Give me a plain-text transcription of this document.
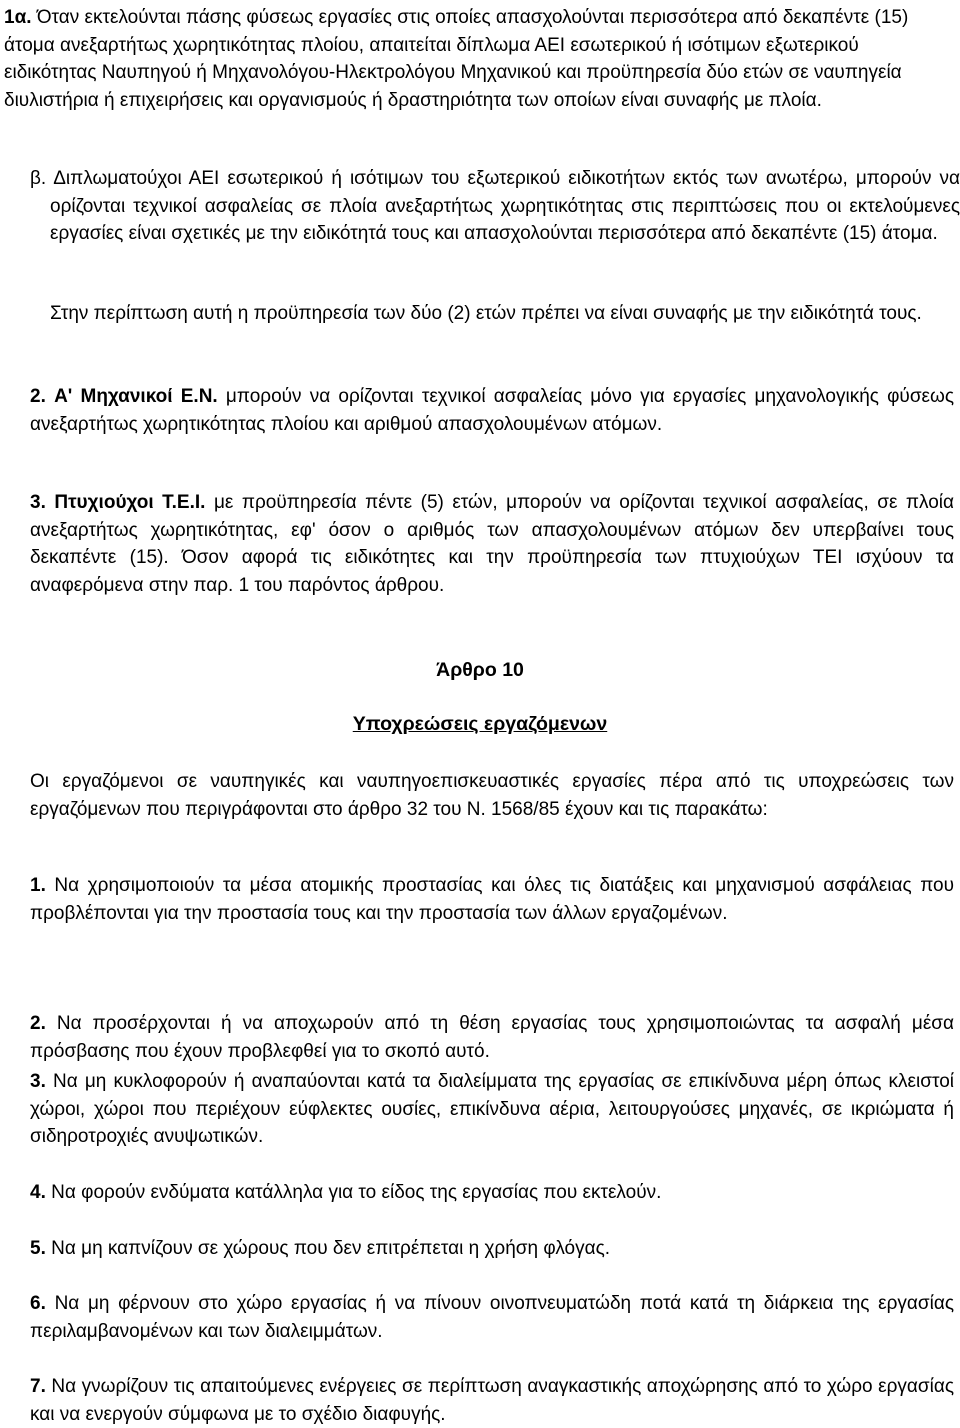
1α. Όταν εκτελούνται πάσης φύσεως εργασίες στις οποίες απασχολούνται περισσότερα από δεκαπέντε (15) άτομα ανεξαρτήτως χωρητικότητας πλοίου, απαιτείται δίπλωμα ΑΕΙ εσωτερικού ή ισότιμων εξωτερικού ειδικότητας Ναυπηγού ή Μηχανολόγου-Ηλεκτρολόγου Μηχανικού και προϋπηρεσία δύο ετών σε ναυπηγεία διυλιστήρια ή επιχειρήσεις και οργανισμούς ή δραστηριότητα των οποίων είναι συναφής με πλοία.

β. Διπλωματούχοι ΑΕΙ εσωτερικού ή ισότιμων του εξωτερικού ειδικοτήτων εκτός των ανωτέρω, μπορούν να ορίζονται τεχνικοί ασφαλείας σε πλοία ανεξαρτήτως χωρητικότητας στις περιπτώσεις που οι εκτελούμενες εργασίες είναι σχετικές με την ειδικότητά τους και απασχολούνται περισσότερα από δεκαπέντε (15) άτομα.

Στην περίπτωση αυτή η προϋπηρεσία των δύο (2) ετών πρέπει να είναι συναφής με την ειδικότητά τους.

2. Α' Μηχανικοί Ε.Ν. μπορούν να ορίζονται τεχνικοί ασφαλείας μόνο για εργασίες μηχανολογικής φύσεως ανεξαρτήτως χωρητικότητας πλοίου και αριθμού απασχολουμένων ατόμων.

3. Πτυχιούχοι Τ.Ε.Ι. με προϋπηρεσία πέντε (5) ετών, μπορούν να ορίζονται τεχνικοί ασφαλείας, σε πλοία ανεξαρτήτως χωρητικότητας, εφ' όσον ο αριθμός των απασχολουμένων ατόμων δεν υπερβαίνει τους δεκαπέντε (15). Όσον αφορά τις ειδικότητες και την προϋπηρεσία των πτυχιούχων ΤΕΙ ισχύουν τα αναφερόμενα στην παρ. 1 του παρόντος άρθρου.

Άρθρο 10
Υποχρεώσεις εργαζόμενων

Οι εργαζόμενοι σε ναυπηγικές και ναυπηγοεπισκευαστικές εργασίες πέρα από τις υποχρεώσεις των εργαζόμενων που περιγράφονται στο άρθρο 32 του Ν. 1568/85 έχουν και τις παρακάτω:

1. Να χρησιμοποιούν τα μέσα ατομικής προστασίας και όλες τις διατάξεις και μηχανισμού ασφάλειας που προβλέπονται για την προστασία τους και την προστασία των άλλων εργαζομένων.

2. Να προσέρχονται ή να αποχωρούν από τη θέση εργασίας τους χρησιμοποιώντας τα ασφαλή μέσα πρόσβασης που έχουν προβλεφθεί για το σκοπό αυτό.

3. Να μη κυκλοφορούν ή αναπαύονται κατά τα διαλείμματα της εργασίας σε επικίνδυνα μέρη όπως κλειστοί χώροι, χώροι που περιέχουν εύφλεκτες ουσίες, επικίνδυνα αέρια, λειτουργούσες μηχανές, σε ικριώματα ή σιδηροτροχιές ανυψωτικών.

4. Να φορούν ενδύματα κατάλληλα για το είδος της εργασίας που εκτελούν.

5. Να μη καπνίζουν σε χώρους που δεν επιτρέπεται η χρήση φλόγας.

6. Να μη φέρνουν στο χώρο εργασίας ή να πίνουν οινοπνευματώδη ποτά κατά τη διάρκεια της εργασίας περιλαμβανομένων και των διαλειμμάτων.

7. Να γνωρίζουν τις απαιτούμενες ενέργειες σε περίπτωση αναγκαστικής αποχώρησης από το χώρο εργασίας και να ενεργούν σύμφωνα με το σχέδιο διαφυγής.
